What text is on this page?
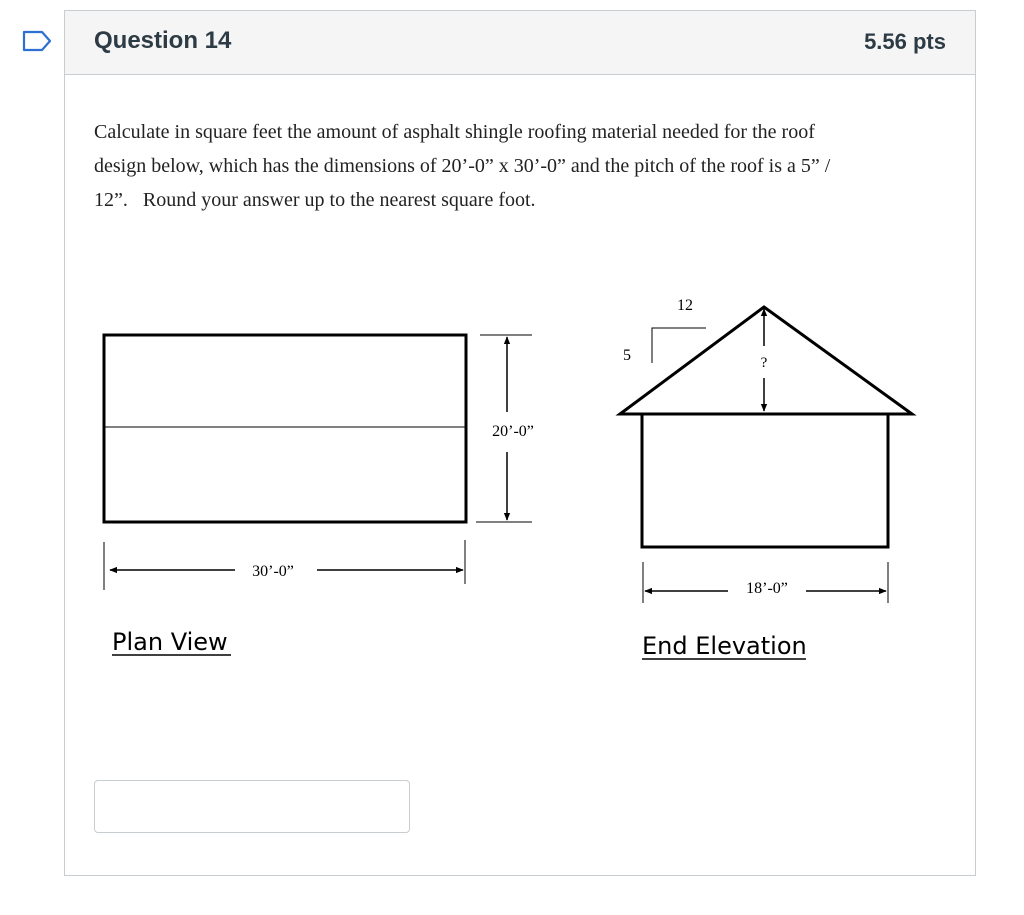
Question 14	5.56 pts

Calculate in square feet the amount of asphalt shingle roofing material needed for the roof
design below, which has the dimensions of 20’-0” x 30’-0” and the pitch of the roof is a 5” /
12”.   Round your answer up to the nearest square foot.

20’-0”
30’-0”
Plan View
12
5	?
18’-0”
End Elevation
